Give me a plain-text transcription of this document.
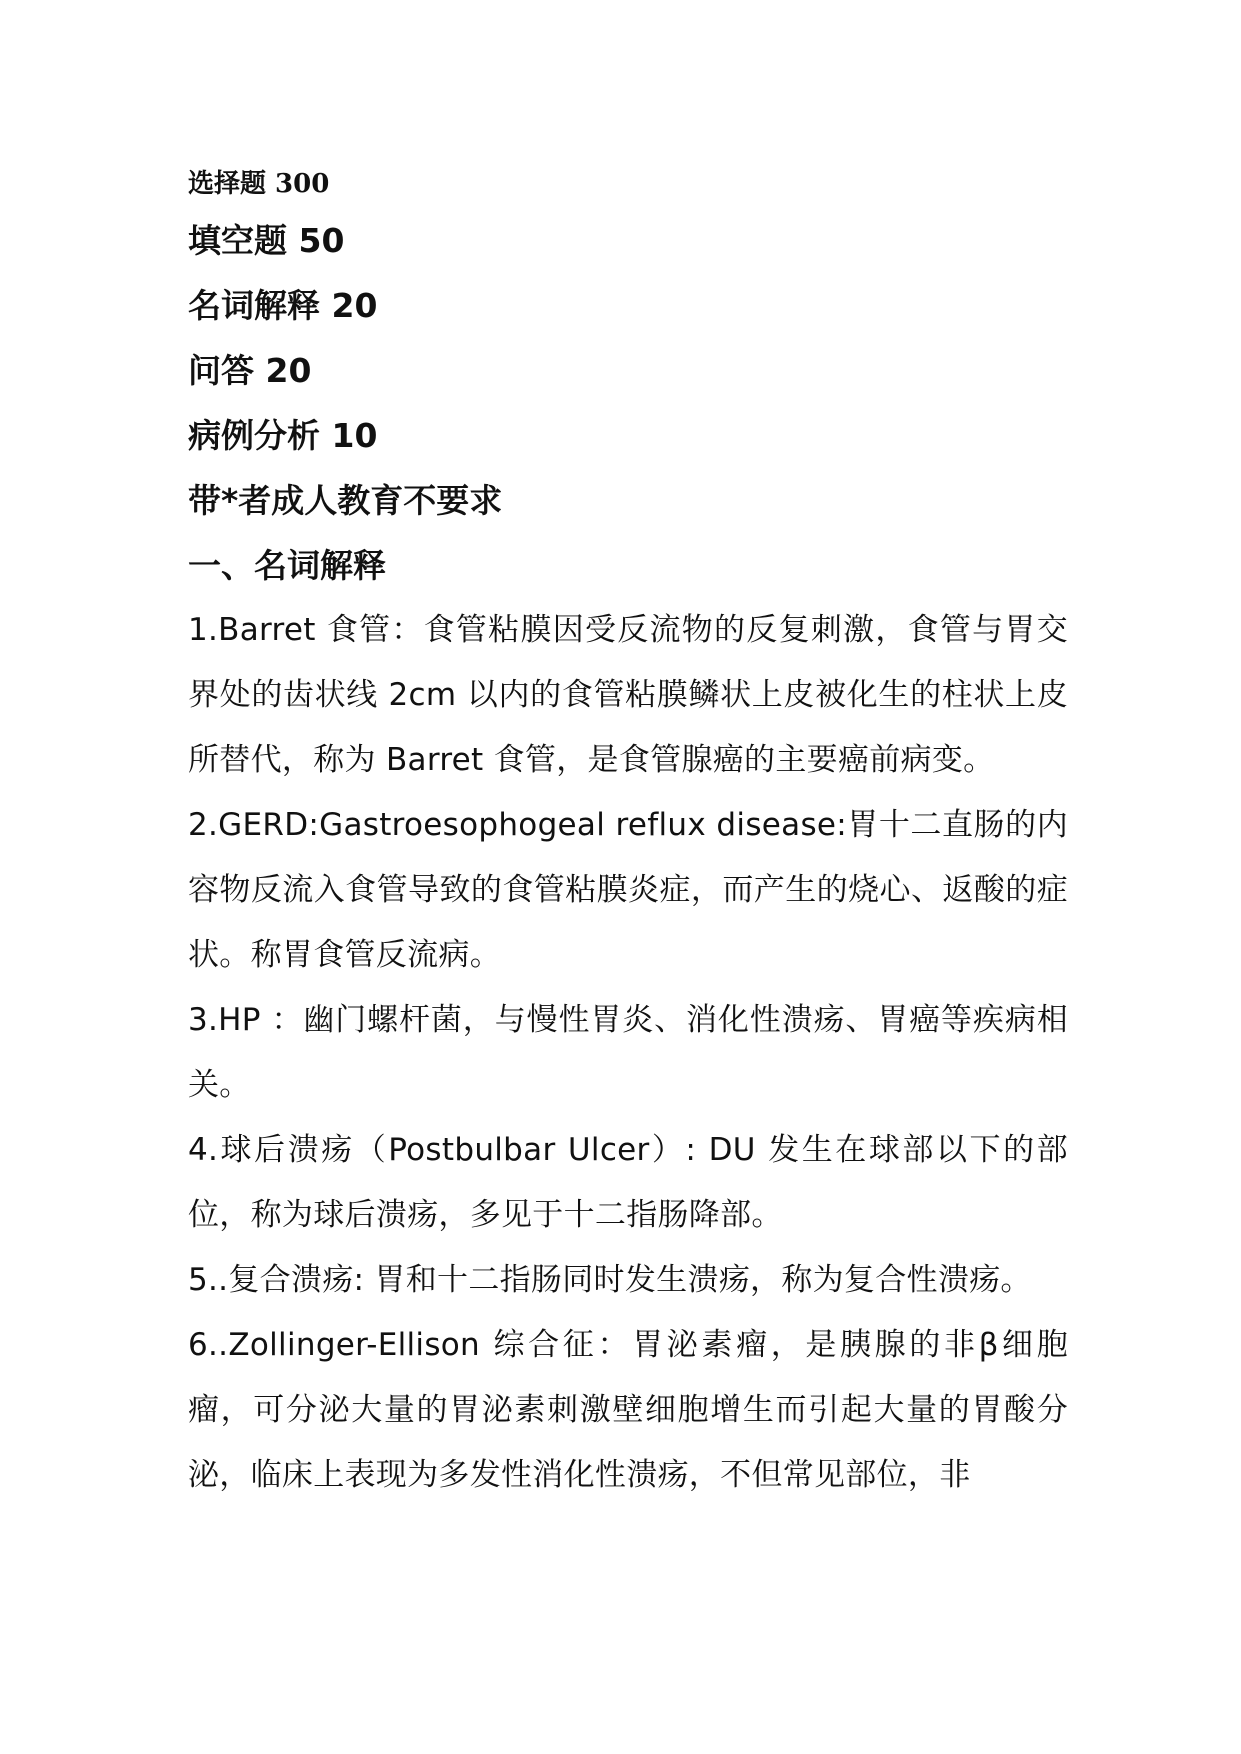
选择题 300

填空题 50

名词解释 20

问答 20

病例分析 10

带*者成人教育不要求

一、名词解释

1.Barret 食管：食管粘膜因受反流物的反复刺激，食管与胃交界处的齿状线 2cm 以内的食管粘膜鳞状上皮被化生的柱状上皮所替代，称为 Barret 食管，是食管腺癌的主要癌前病变。

2.GERD:Gastroesophogeal reflux disease:胃十二直肠的内容物反流入食管导致的食管粘膜炎症，而产生的烧心、返酸的症状。称胃食管反流病。

3.HP ：幽门螺杆菌，与慢性胃炎、消化性溃疡、胃癌等疾病相关。

4.球后溃疡（Postbulbar Ulcer）: DU 发生在球部以下的部位，称为球后溃疡，多见于十二指肠降部。

5..复合溃疡: 胃和十二指肠同时发生溃疡，称为复合性溃疡。

6..Zollinger-Ellison 综合征：胃泌素瘤，是胰腺的非β细胞瘤，可分泌大量的胃泌素刺激壁细胞增生而引起大量的胃酸分泌，临床上表现为多发性消化性溃疡，不但常见部位，非
